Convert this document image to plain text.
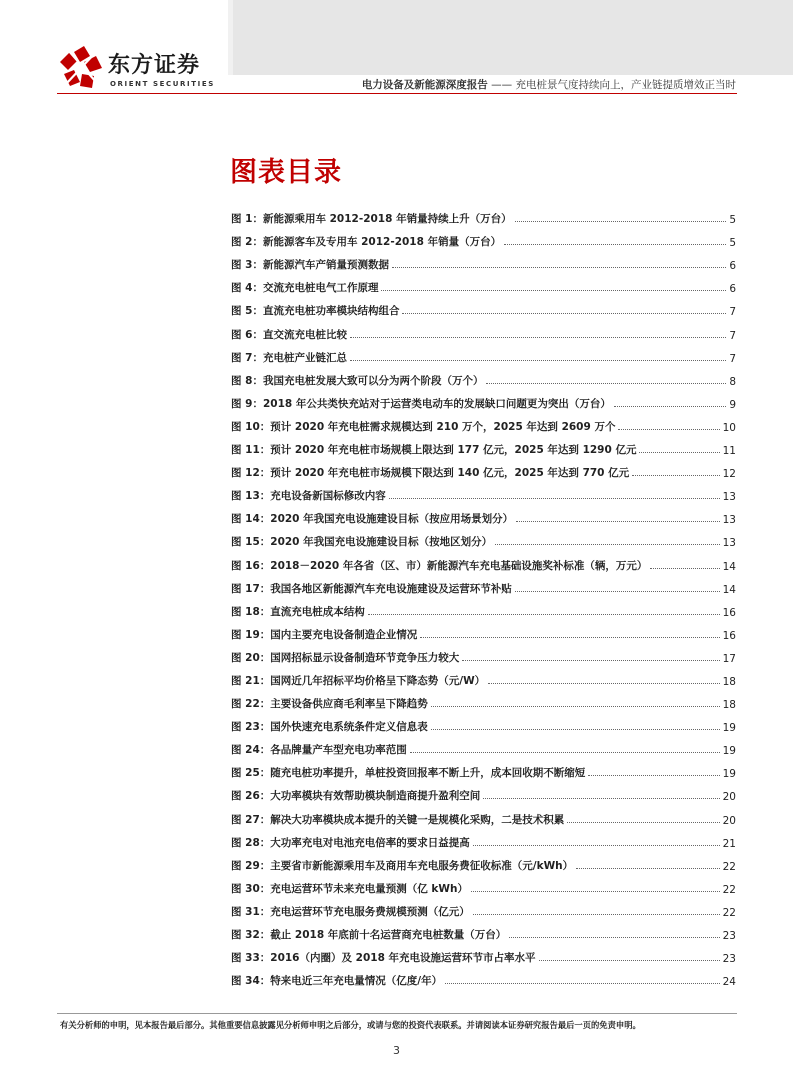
东方证券
ORIENT SECURITIES	电力设备及新能源深度报告 —— 充电桩景气度持续向上，产业链提质增效正当时
图表目录
图 1：新能源乘用车 2012-2018 年销量持续上升（万台）	5
图 2：新能源客车及专用车 2012-2018 年销量（万台）	5
图 3：新能源汽车产销量预测数据	6
图 4：交流充电桩电气工作原理	6
图 5：直流充电桩功率模块结构组合	7
图 6：直交流充电桩比较	7
图 7：充电桩产业链汇总	7
图 8：我国充电桩发展大致可以分为两个阶段（万个）	8
图 9：2018 年公共类快充站对于运营类电动车的发展缺口问题更为突出（万台）	9
图 10：预计 2020 年充电桩需求规模达到 210 万个，2025 年达到 2609 万个	10
图 11：预计 2020 年充电桩市场规模上限达到 177 亿元，2025 年达到 1290 亿元	11
图 12：预计 2020 年充电桩市场规模下限达到 140 亿元，2025 年达到 770 亿元	12
图 13：充电设备新国标修改内容	13
图 14：2020 年我国充电设施建设目标（按应用场景划分）	13
图 15：2020 年我国充电设施建设目标（按地区划分）	13
图 16：2018－2020 年各省（区、市）新能源汽车充电基础设施奖补标准（辆，万元）	14
图 17：我国各地区新能源汽车充电设施建设及运营环节补贴	14
图 18：直流充电桩成本结构	16
图 19：国内主要充电设备制造企业情况	16
图 20：国网招标显示设备制造环节竞争压力较大	17
图 21：国网近几年招标平均价格呈下降态势（元/W）	18
图 22：主要设备供应商毛利率呈下降趋势	18
图 23：国外快速充电系统条件定义信息表	19
图 24：各品牌量产车型充电功率范围	19
图 25：随充电桩功率提升，单桩投资回报率不断上升，成本回收期不断缩短	19
图 26：大功率模块有效帮助模块制造商提升盈利空间	20
图 27：解决大功率模块成本提升的关键一是规模化采购，二是技术积累	20
图 28：大功率充电对电池充电倍率的要求日益提高	21
图 29：主要省市新能源乘用车及商用车充电服务费征收标准（元/kWh）	22
图 30：充电运营环节未来充电量预测（亿 kWh）	22
图 31：充电运营环节充电服务费规模预测（亿元）	22
图 32：截止 2018 年底前十名运营商充电桩数量（万台）	23
图 33：2016（内圈）及 2018 年充电设施运营环节市占率水平	23
图 34：特来电近三年充电量情况（亿度/年）	24
有关分析师的申明，见本报告最后部分。其他重要信息披露见分析师申明之后部分，或请与您的投资代表联系。并请阅读本证券研究报告最后一页的免责申明。
3
